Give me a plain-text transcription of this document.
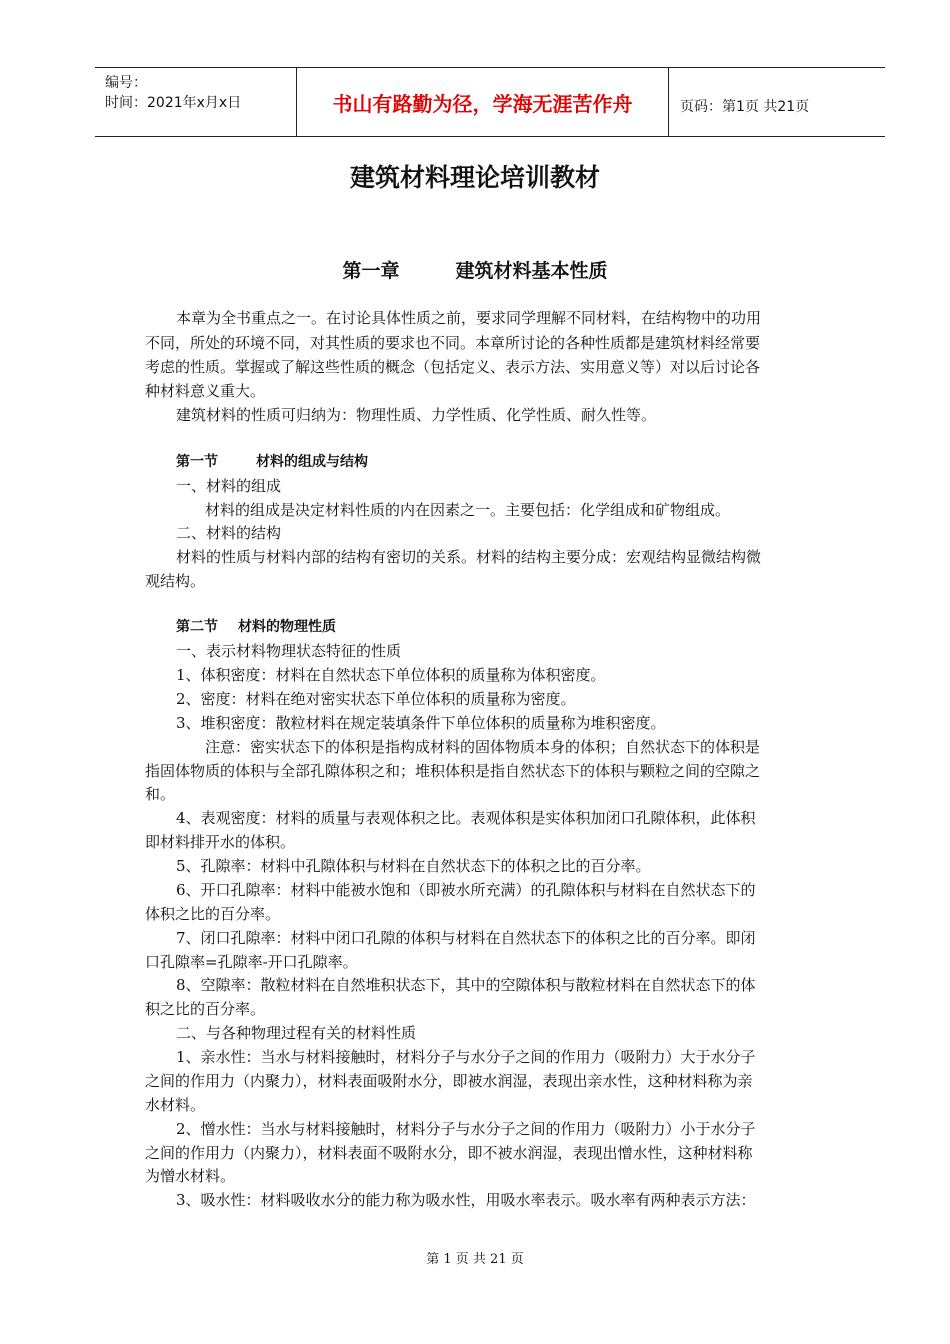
编号：
时间：2021年x月x日	书山有路勤为径，学海无涯苦作舟	页码：第1页 共21页
建筑材料理论培训教材
第一章	建筑材料基本性质
本章为全书重点之一。在讨论具体性质之前，要求同学理解不同材料，在结构物中的功用
不同，所处的环境不同，对其性质的要求也不同。本章所讨论的各种性质都是建筑材料经常要
考虑的性质。掌握或了解这些性质的概念（包括定义、表示方法、实用意义等）对以后讨论各
种材料意义重大。
建筑材料的性质可归纳为：物理性质、力学性质、化学性质、耐久性等。
第一节	材料的组成与结构
一、材料的组成
材料的组成是决定材料性质的内在因素之一。主要包括：化学组成和矿物组成。
二、材料的结构
材料的性质与材料内部的结构有密切的关系。材料的结构主要分成：宏观结构显微结构微
观结构。
第二节 材料的物理性质
一、表示材料物理状态特征的性质
1、体积密度：材料在自然状态下单位体积的质量称为体积密度。
2、密度：材料在绝对密实状态下单位体积的质量称为密度。
3、堆积密度：散粒材料在规定装填条件下单位体积的质量称为堆积密度。
注意：密实状态下的体积是指构成材料的固体物质本身的体积；自然状态下的体积是
指固体物质的体积与全部孔隙体积之和；堆积体积是指自然状态下的体积与颗粒之间的空隙之
和。
4、表观密度：材料的质量与表观体积之比。表观体积是实体积加闭口孔隙体积，此体积
即材料排开水的体积。
5、孔隙率：材料中孔隙体积与材料在自然状态下的体积之比的百分率。
6、开口孔隙率：材料中能被水饱和（即被水所充满）的孔隙体积与材料在自然状态下的
体积之比的百分率。
7、闭口孔隙率：材料中闭口孔隙的体积与材料在自然状态下的体积之比的百分率。即闭
口孔隙率=孔隙率-开口孔隙率。
8、空隙率：散粒材料在自然堆积状态下，其中的空隙体积与散粒材料在自然状态下的体
积之比的百分率。
二、与各种物理过程有关的材料性质
1、亲水性：当水与材料接触时，材料分子与水分子之间的作用力（吸附力）大于水分子
之间的作用力（内聚力），材料表面吸附水分，即被水润湿，表现出亲水性，这种材料称为亲
水材料。
2、憎水性：当水与材料接触时，材料分子与水分子之间的作用力（吸附力）小于水分子
之间的作用力（内聚力），材料表面不吸附水分，即不被水润湿，表现出憎水性，这种材料称
为憎水材料。
3、吸水性：材料吸收水分的能力称为吸水性，用吸水率表示。吸水率有两种表示方法：
第 1 页 共 21 页
